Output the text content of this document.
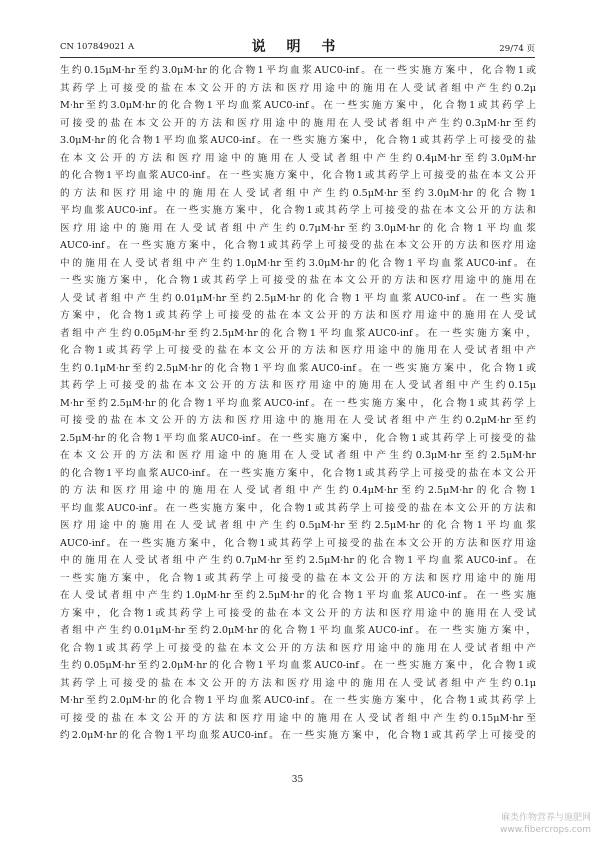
CN 107849021 A	说 明 书	29/74 页
生约0.15μM·hr至约3.0μM·hr的化合物1平均血浆AUC0-inf。在一些实施方案中，化合物1或
其药学上可接受的盐在本文公开的方法和医疗用途中的施用在人受试者组中产生约0.2μ
M·hr至约3.0μM·hr的化合物1平均血浆AUC0-inf。在一些实施方案中，化合物1或其药学上
可接受的盐在本文公开的方法和医疗用途中的施用在人受试者组中产生约0.3μM·hr至约
3.0μM·hr的化合物1平均血浆AUC0-inf。在一些实施方案中，化合物1或其药学上可接受的盐
在本文公开的方法和医疗用途中的施用在人受试者组中产生约0.4μM·hr至约3.0μM·hr
的化合物1平均血浆AUC0-inf。在一些实施方案中，化合物1或其药学上可接受的盐在本文公开
的方法和医疗用途中的施用在人受试者组中产生约0.5μM·hr至约3.0μM·hr的化合物1
平均血浆AUC0-inf。在一些实施方案中，化合物1或其药学上可接受的盐在本文公开的方法和
医疗用途中的施用在人受试者组中产生约0.7μM·hr至约3.0μM·hr的化合物1平均血浆
AUC0-inf。在一些实施方案中，化合物1或其药学上可接受的盐在本文公开的方法和医疗用途
中的施用在人受试者组中产生约1.0μM·hr至约3.0μM·hr的化合物1平均血浆AUC0-inf。在
一些实施方案中，化合物1或其药学上可接受的盐在本文公开的方法和医疗用途中的施用在
人受试者组中产生约0.01μM·hr至约2.5μM·hr的化合物1平均血浆AUC0-inf。在一些实施
方案中，化合物1或其药学上可接受的盐在本文公开的方法和医疗用途中的施用在人受试
者组中产生约0.05μM·hr至约2.5μM·hr的化合物1平均血浆AUC0-inf。在一些实施方案中，
化合物1或其药学上可接受的盐在本文公开的方法和医疗用途中的施用在人受试者组中产
生约0.1μM·hr至约2.5μM·hr的化合物1平均血浆AUC0-inf。在一些实施方案中，化合物1或
其药学上可接受的盐在本文公开的方法和医疗用途中的施用在人受试者组中产生约0.15μ
M·hr至约2.5μM·hr的化合物1平均血浆AUC0-inf。在一些实施方案中，化合物1或其药学上
可接受的盐在本文公开的方法和医疗用途中的施用在人受试者组中产生约0.2μM·hr至约
2.5μM·hr的化合物1平均血浆AUC0-inf。在一些实施方案中，化合物1或其药学上可接受的盐
在本文公开的方法和医疗用途中的施用在人受试者组中产生约0.3μM·hr至约2.5μM·hr
的化合物1平均血浆AUC0-inf。在一些实施方案中，化合物1或其药学上可接受的盐在本文公开
的方法和医疗用途中的施用在人受试者组中产生约0.4μM·hr至约2.5μM·hr的化合物1
平均血浆AUC0-inf。在一些实施方案中，化合物1或其药学上可接受的盐在本文公开的方法和
医疗用途中的施用在人受试者组中产生约0.5μM·hr至约2.5μM·hr的化合物1平均血浆
AUC0-inf。在一些实施方案中，化合物1或其药学上可接受的盐在本文公开的方法和医疗用途
中的施用在人受试者组中产生约0.7μM·hr至约2.5μM·hr的化合物1平均血浆AUC0-inf。在
一些实施方案中，化合物1或其药学上可接受的盐在本文公开的方法和医疗用途中的施用
在人受试者组中产生约1.0μM·hr至约2.5μM·hr的化合物1平均血浆AUC0-inf。在一些实施
方案中，化合物1或其药学上可接受的盐在本文公开的方法和医疗用途中的施用在人受试
者组中产生约0.01μM·hr至约2.0μM·hr的化合物1平均血浆AUC0-inf。在一些实施方案中，
化合物1或其药学上可接受的盐在本文公开的方法和医疗用途中的施用在人受试者组中产
生约0.05μM·hr至约2.0μM·hr的化合物1平均血浆AUC0-inf。在一些实施方案中，化合物1或
其药学上可接受的盐在本文公开的方法和医疗用途中的施用在人受试者组中产生约0.1μ
M·hr至约2.0μM·hr的化合物1平均血浆AUC0-inf。在一些实施方案中，化合物1或其药学上
可接受的盐在本文公开的方法和医疗用途中的施用在人受试者组中产生约0.15μM·hr至
约2.0μM·hr的化合物1平均血浆AUC0-inf。在一些实施方案中，化合物1或其药学上可接受的
35
麻类作物营养与施肥网
www.fibercrops.com
